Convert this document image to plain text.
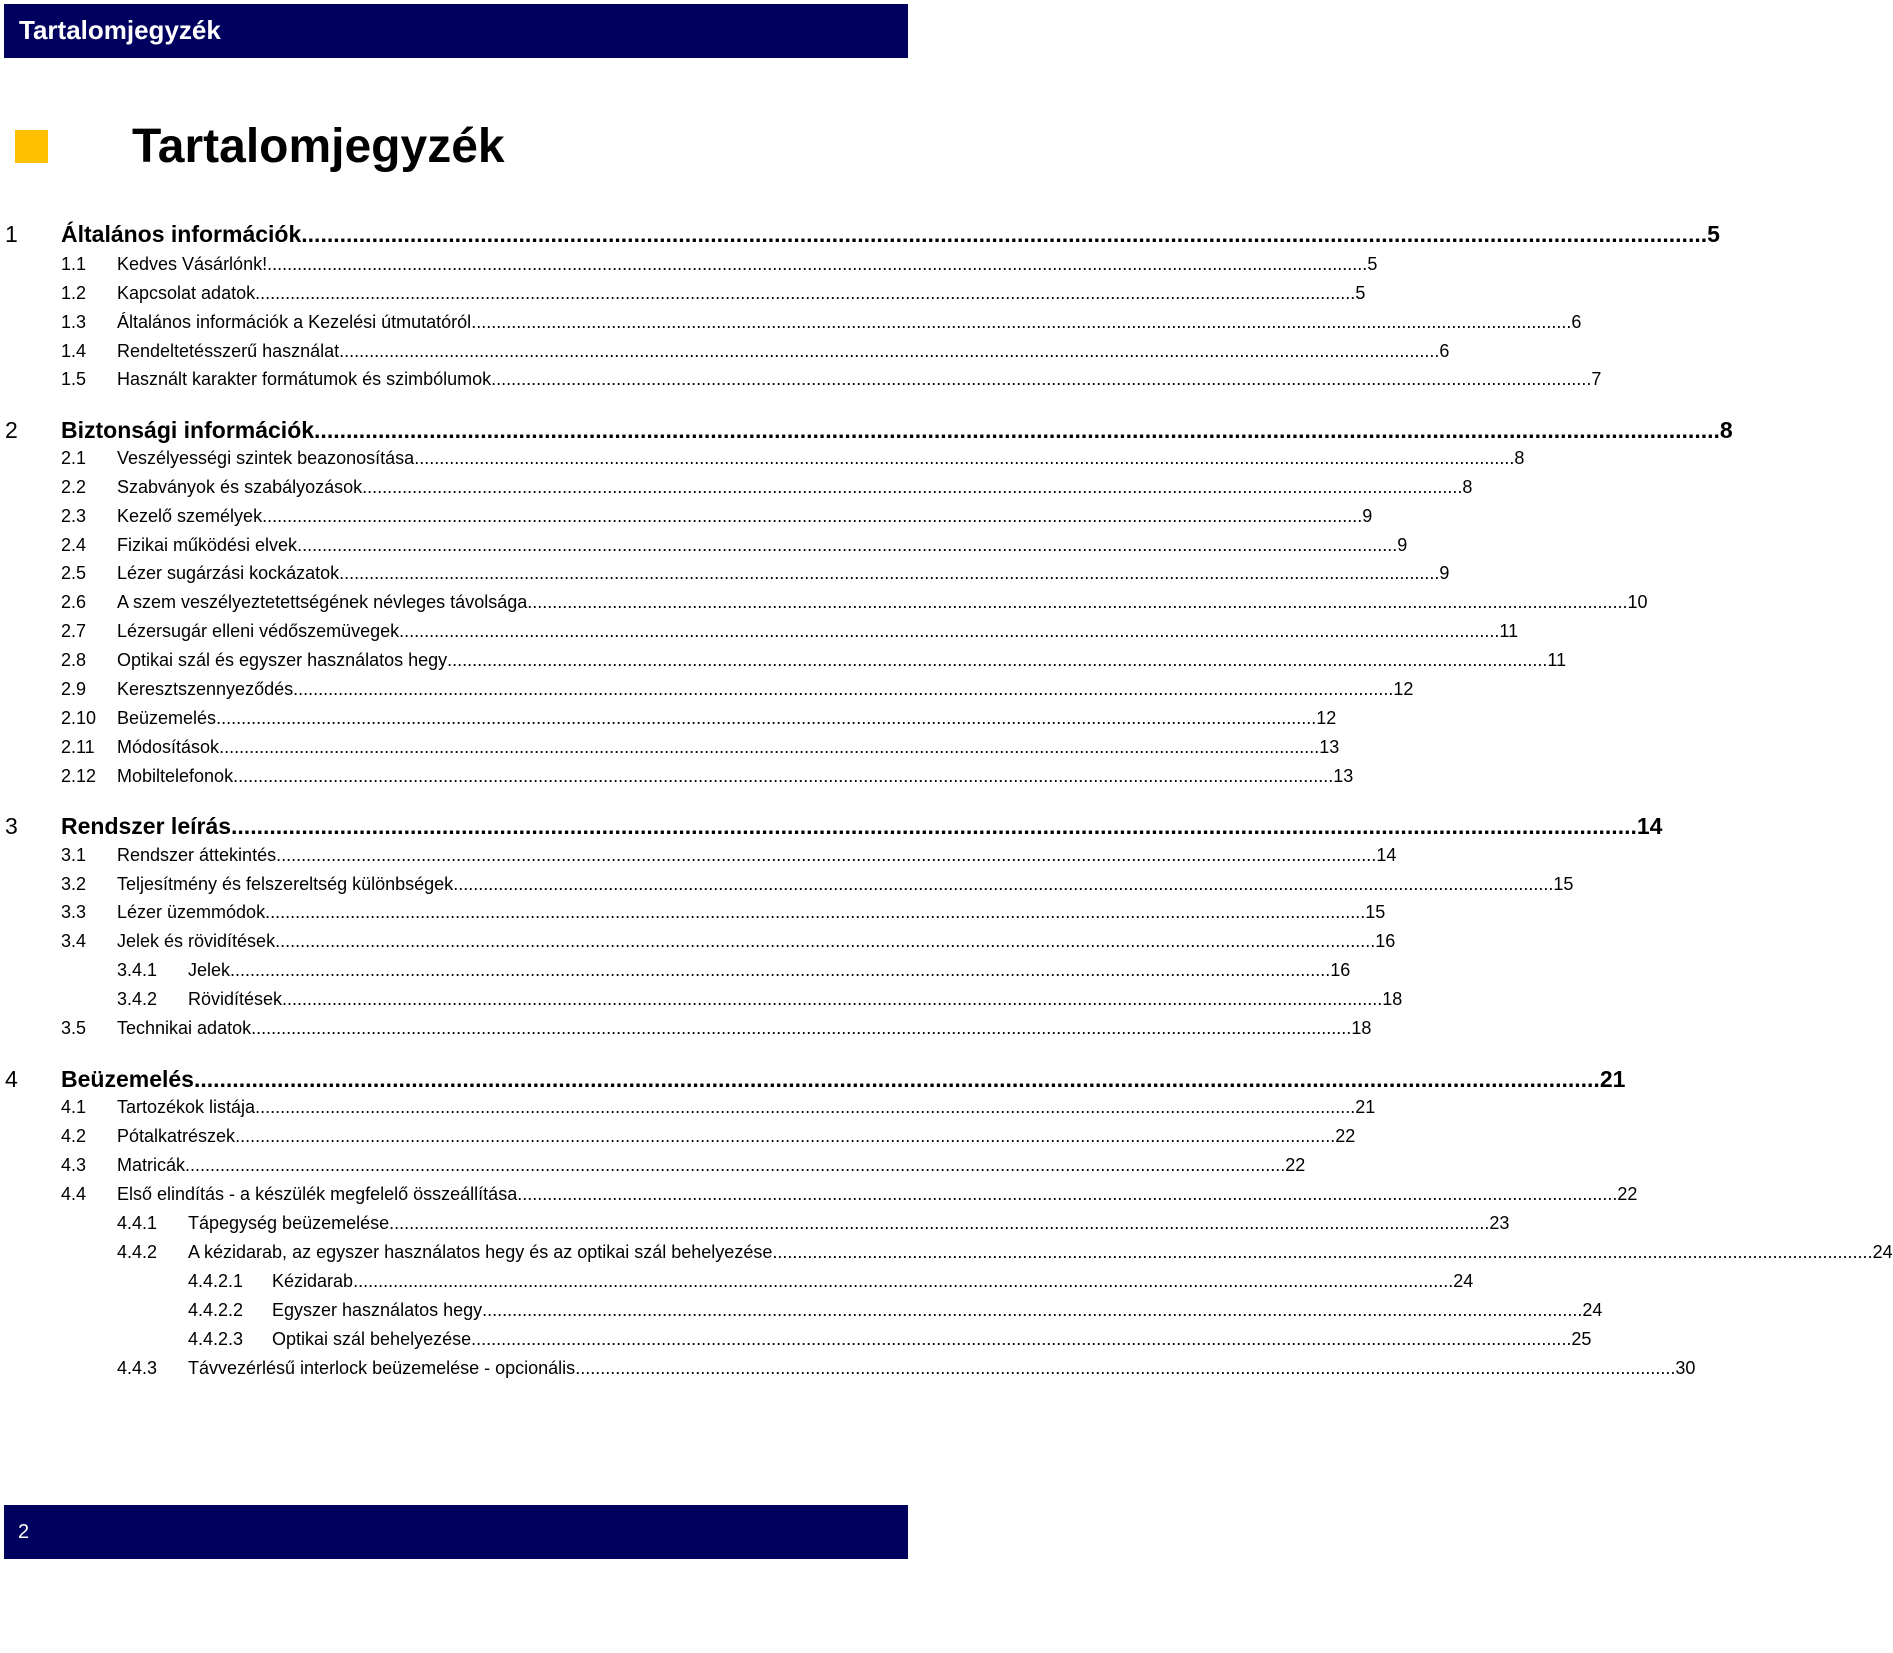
Tartalomjegyzék
Tartalomjegyzék
1 Általános információk ............................................................................................................................................................................................................................ 5
1.1 Kedves Vásárlónk! ............................................................................................................................................................................................................................ 5
1.2 Kapcsolat adatok ............................................................................................................................................................................................................................ 5
1.3 Általános információk a Kezelési útmutatóról ............................................................................................................................................................................................................................ 6
1.4 Rendeltetésszerű használat ............................................................................................................................................................................................................................ 6
1.5 Használt karakter formátumok és szimbólumok ............................................................................................................................................................................................................................ 7
2 Biztonsági információk ............................................................................................................................................................................................................................ 8
2.1 Veszélyességi szintek beazonosítása ............................................................................................................................................................................................................................ 8
2.2 Szabványok és szabályozások ............................................................................................................................................................................................................................ 8
2.3 Kezelő személyek ............................................................................................................................................................................................................................ 9
2.4 Fizikai működési elvek ............................................................................................................................................................................................................................ 9
2.5 Lézer sugárzási kockázatok ............................................................................................................................................................................................................................ 9
2.6 A szem veszélyeztetettségének névleges távolsága ............................................................................................................................................................................................................................ 10
2.7 Lézersugár elleni védőszemüvegek ............................................................................................................................................................................................................................ 11
2.8 Optikai szál és egyszer használatos hegy ............................................................................................................................................................................................................................ 11
2.9 Keresztszennyeződés ............................................................................................................................................................................................................................ 12
2.10 Beüzemelés ............................................................................................................................................................................................................................ 12
2.11 Módosítások ............................................................................................................................................................................................................................ 13
2.12 Mobiltelefonok ............................................................................................................................................................................................................................ 13
3 Rendszer leírás ............................................................................................................................................................................................................................ 14
3.1 Rendszer áttekintés ............................................................................................................................................................................................................................ 14
3.2 Teljesítmény és felszereltség különbségek ............................................................................................................................................................................................................................ 15
3.3 Lézer üzemmódok ............................................................................................................................................................................................................................ 15
3.4 Jelek és rövidítések ............................................................................................................................................................................................................................ 16
3.4.1 Jelek ............................................................................................................................................................................................................................ 16
3.4.2 Rövidítések ............................................................................................................................................................................................................................ 18
3.5 Technikai adatok ............................................................................................................................................................................................................................ 18
4 Beüzemelés ............................................................................................................................................................................................................................ 21
4.1 Tartozékok listája ............................................................................................................................................................................................................................ 21
4.2 Pótalkatrészek ............................................................................................................................................................................................................................ 22
4.3 Matricák ............................................................................................................................................................................................................................ 22
4.4 Első elindítás - a készülék megfelelő összeállítása ............................................................................................................................................................................................................................ 22
4.4.1 Tápegység beüzemelése ............................................................................................................................................................................................................................ 23
4.4.2 A kézidarab, az egyszer használatos hegy és az optikai szál behelyezése ............................................................................................................................................................................................................................ 24
4.4.2.1 Kézidarab ............................................................................................................................................................................................................................ 24
4.4.2.2 Egyszer használatos hegy ............................................................................................................................................................................................................................ 24
4.4.2.3 Optikai szál behelyezése ............................................................................................................................................................................................................................ 25
4.4.3 Távvezérlésű interlock beüzemelése - opcionális ............................................................................................................................................................................................................................ 30
2
